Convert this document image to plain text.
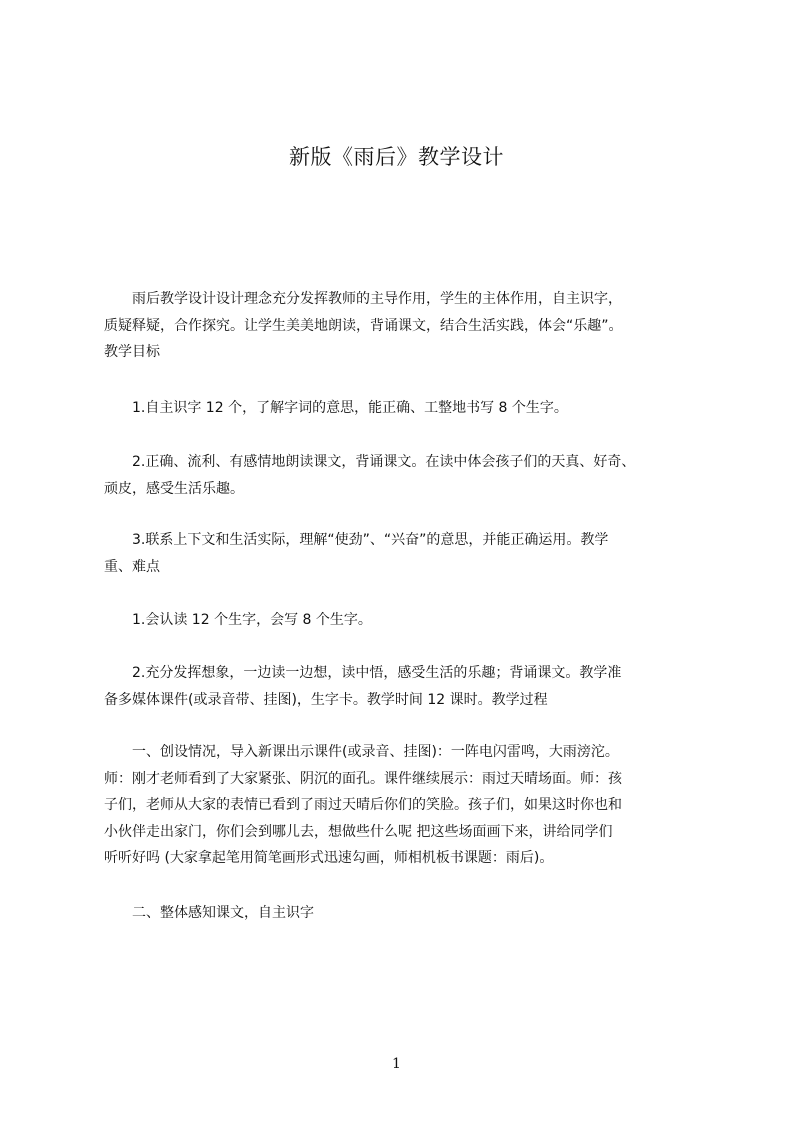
新版《雨后》教学设计
　　雨后教学设计设计理念充分发挥教师的主导作用，学生的主体作用，自主识字，
质疑释疑，合作探究。让学生美美地朗读，背诵课文，结合生活实践，体会“乐趣”。
教学目标
　　1.自主识字 12 个，了解字词的意思，能正确、工整地书写 8 个生字。
　　2.正确、流利、有感情地朗读课文，背诵课文。在读中体会孩子们的天真、好奇、
顽皮，感受生活乐趣。
　　3.联系上下文和生活实际，理解“使劲”、“兴奋”的意思，并能正确运用。教学
重、难点
　　1.会认读 12 个生字，会写 8 个生字。
　　2.充分发挥想象，一边读一边想，读中悟，感受生活的乐趣；背诵课文。教学准
备多媒体课件(或录音带、挂图)，生字卡。教学时间 12 课时。教学过程
　　一、创设情况，导入新课出示课件(或录音、挂图)：一阵电闪雷鸣，大雨滂沱。
师：刚才老师看到了大家紧张、阴沉的面孔。课件继续展示：雨过天晴场面。师：孩
子们，老师从大家的表情已看到了雨过天晴后你们的笑脸。孩子们，如果这时你也和
小伙伴走出家门，你们会到哪儿去，想做些什么呢 把这些场面画下来，讲给同学们
听听好吗 (大家拿起笔用简笔画形式迅速勾画，师相机板书课题：雨后)。
　　二、整体感知课文，自主识字
1
